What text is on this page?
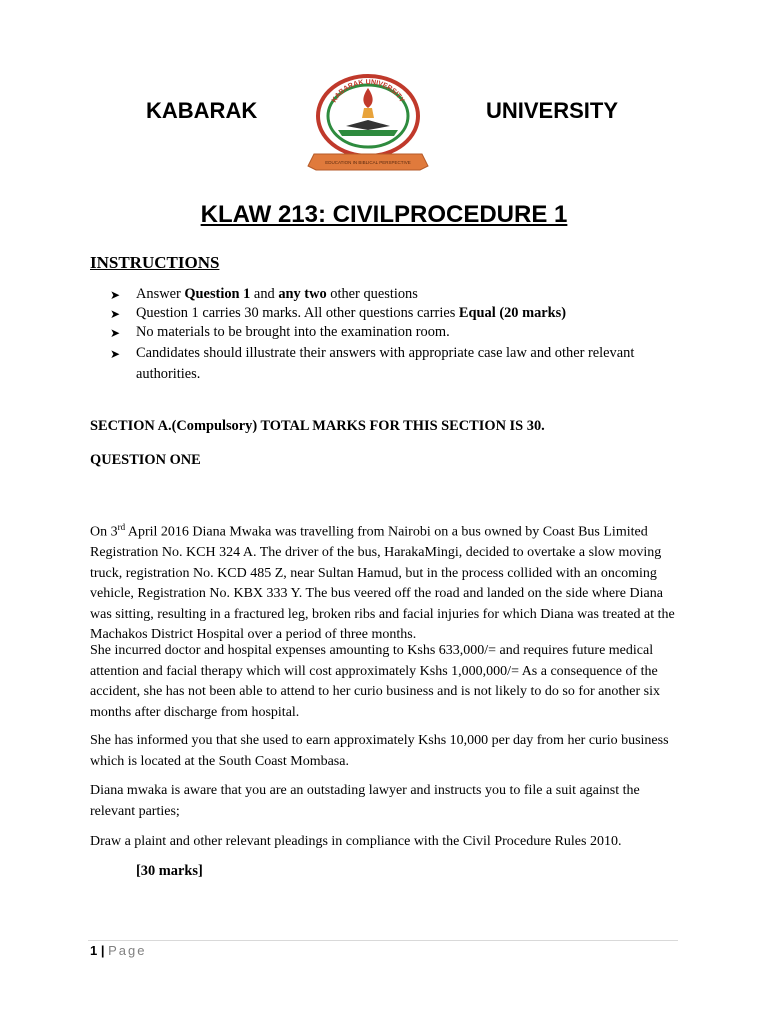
KABARAK	KABARAK UNIVERSITY
EDUCATION IN BIBLICAL PERSPECTIVE
UNIVERSITY
KLAW 213: CIVILPROCEDURE 1
INSTRUCTIONS
➤	Answer Question 1 and any two other questions
➤	Question 1 carries 30 marks. All other questions carries Equal (20 marks)
➤	No materials to be brought into the examination room.
➤	Candidates should illustrate their answers with appropriate case law and other relevant authorities.
SECTION A.(Compulsory) TOTAL MARKS FOR THIS SECTION IS 30.
QUESTION ONE
On 3rd April 2016 Diana Mwaka was travelling from Nairobi on a bus owned by Coast Bus Limited Registration No. KCH 324 A. The driver of the bus, HarakaMingi, decided to overtake a slow moving truck, registration No. KCD 485 Z, near Sultan Hamud, but in the process collided with an oncoming vehicle, Registration No. KBX 333 Y. The bus veered off the road and landed on the side where Diana was sitting, resulting in a fractured leg, broken ribs and facial injuries for which Diana was treated at the Machakos District Hospital over a period of three months.
She incurred doctor and hospital expenses amounting to Kshs 633,000/= and requires future medical attention and facial therapy which will cost approximately Kshs 1,000,000/= As a consequence of the accident, she has not been able to attend to her curio business and is not likely to do so for another six months after discharge from hospital.
She has informed you that she used to earn approximately Kshs 10,000 per day from her curio business which is located at the South Coast Mombasa.
Diana mwaka is aware that you are an outstading lawyer and instructs you to file a suit against the relevant parties;
Draw a plaint and other relevant pleadings in compliance with the Civil Procedure Rules 2010.
[30 marks]
1 | Page
